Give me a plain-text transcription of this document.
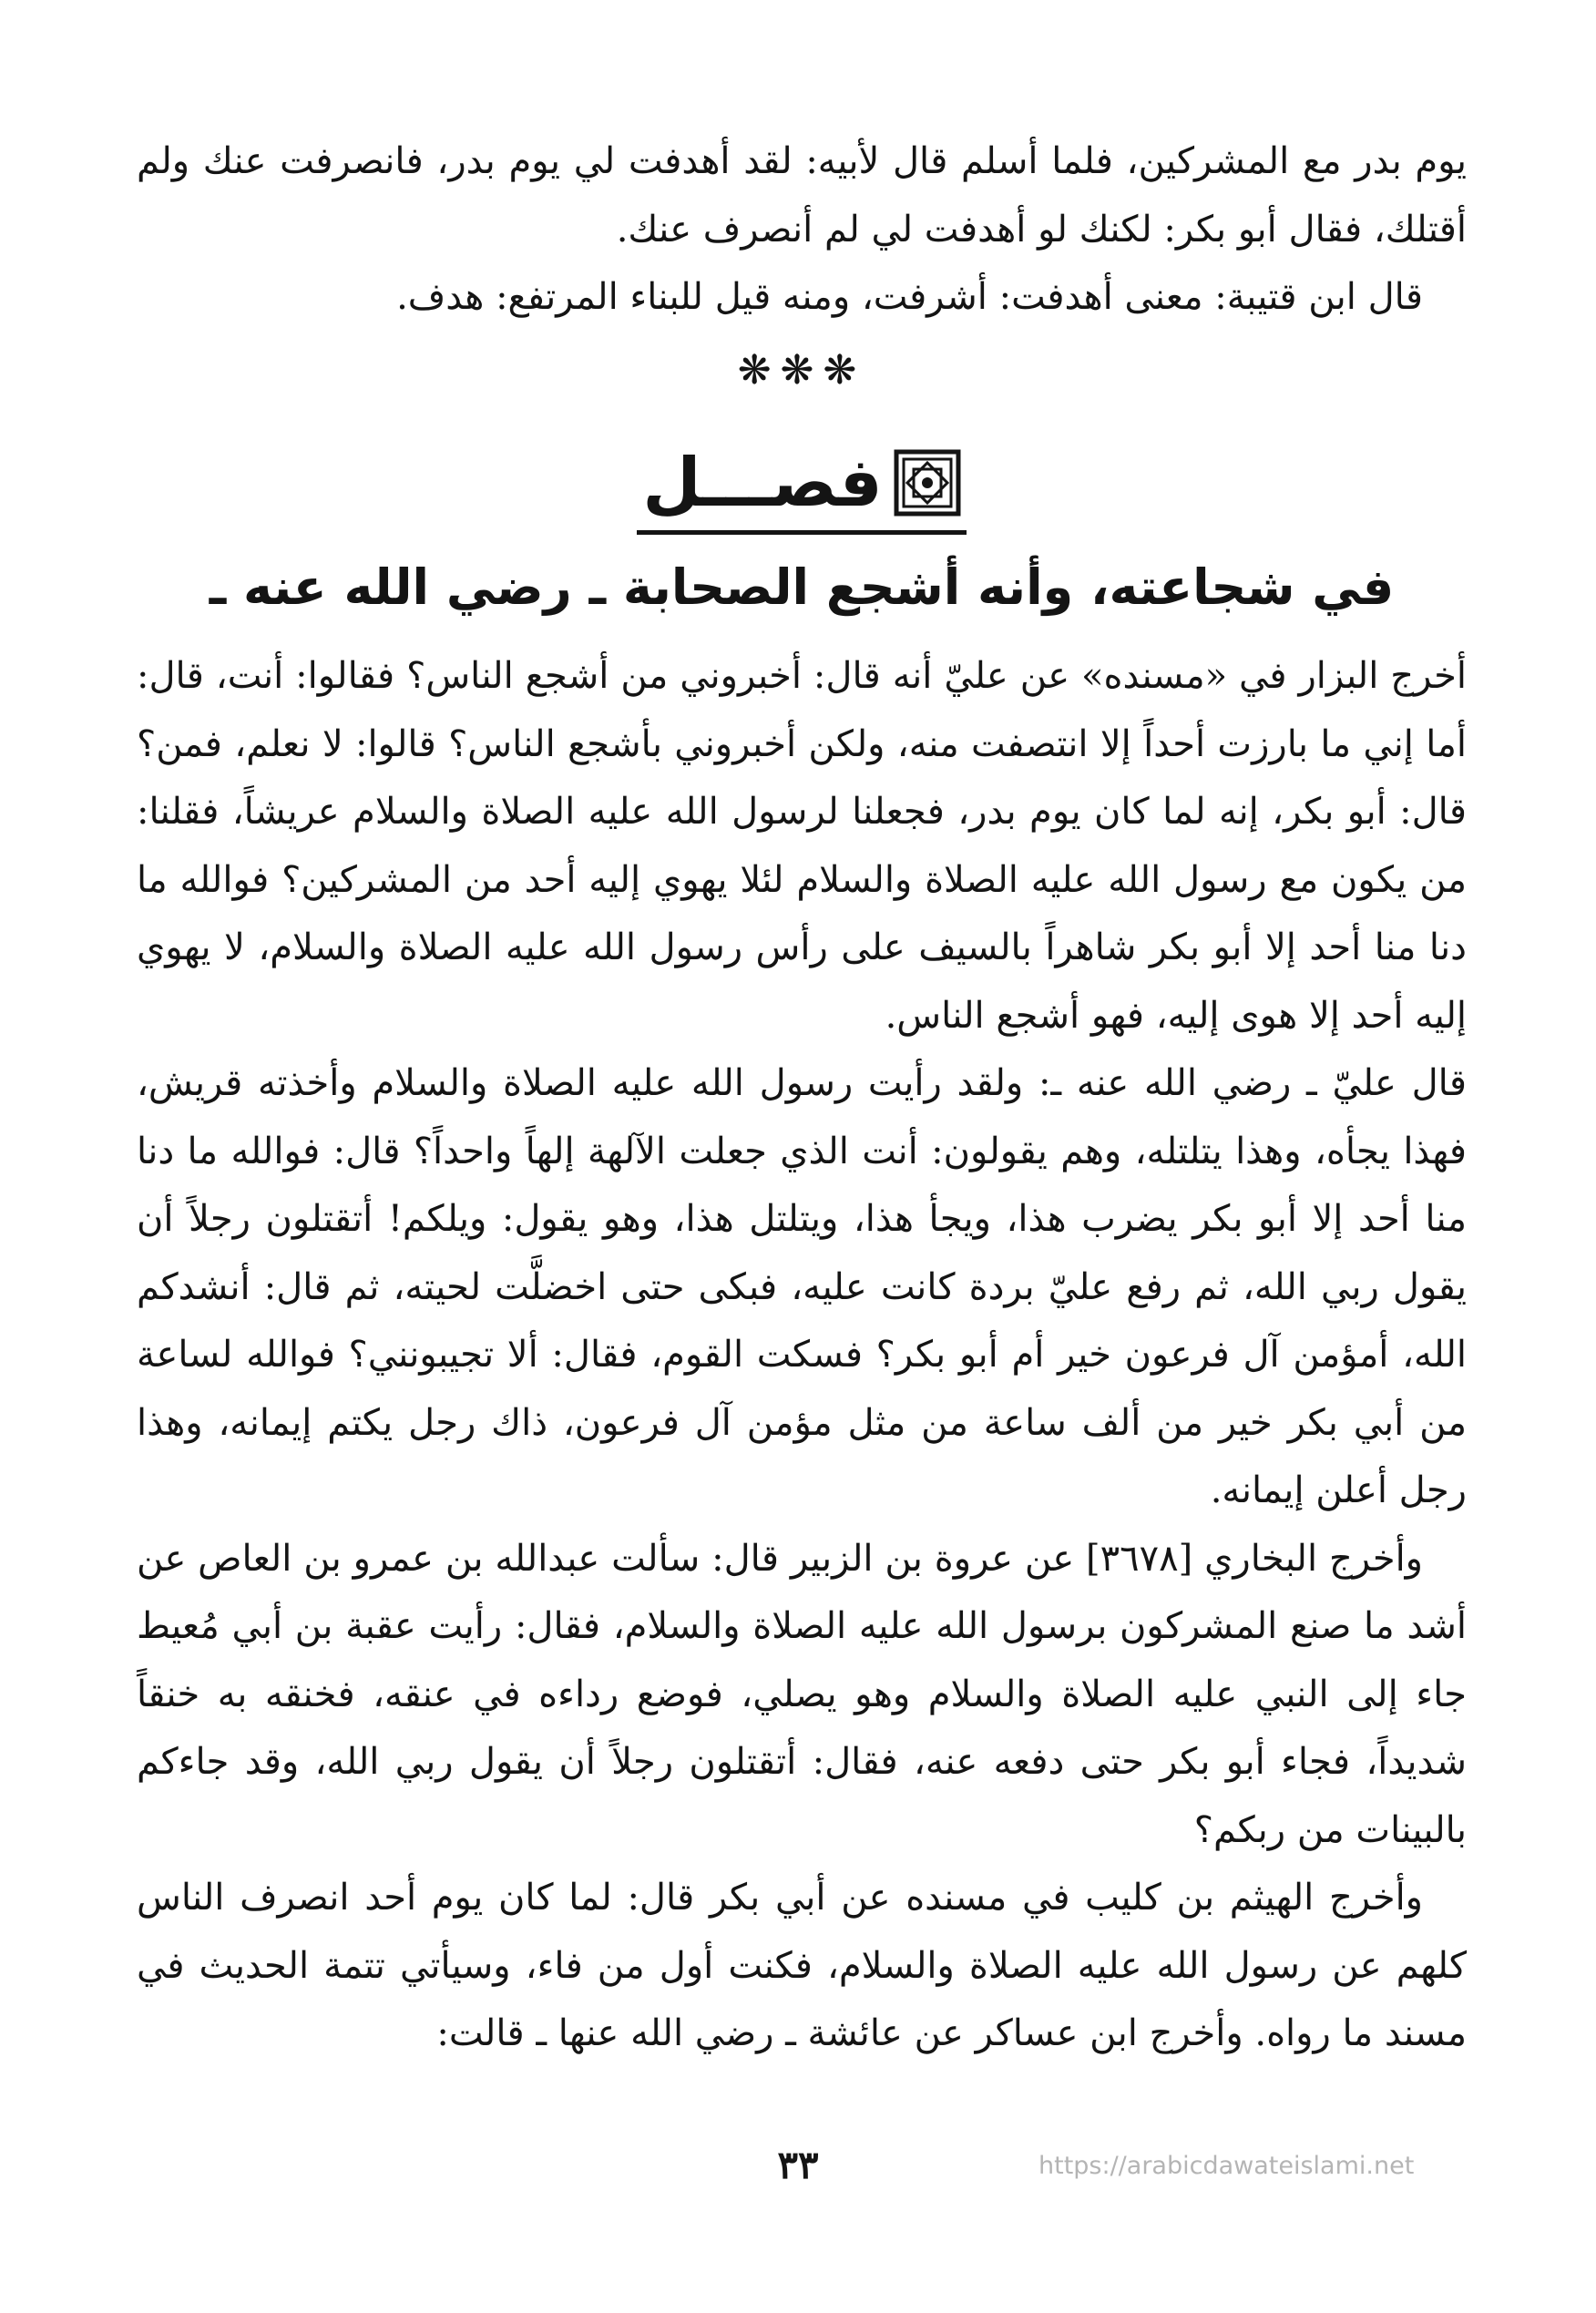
يوم بدر مع المشركين، فلما أسلم قال لأبيه: لقد أهدفت لي يوم بدر، فانصرفت عنك ولم أقتلك، فقال أبو بكر: لكنك لو أهدفت لي لم أنصرف عنك.

قال ابن قتيبة: معنى أهدفت: أشرفت، ومنه قيل للبناء المرتفع: هدف.

❋❋❋
فصـــل
في شجاعته، وأنه أشجع الصحابة ـ رضي الله عنه ـ

أخرج البزار في «مسنده» عن عليّ أنه قال: أخبروني من أشجع الناس؟ فقالوا: أنت، قال: أما إني ما بارزت أحداً إلا انتصفت منه، ولكن أخبروني بأشجع الناس؟ قالوا: لا نعلم، فمن؟ قال: أبو بكر، إنه لما كان يوم بدر، فجعلنا لرسول الله عليه الصلاة والسلام عريشاً، فقلنا: من يكون مع رسول الله عليه الصلاة والسلام لئلا يهوي إليه أحد من المشركين؟ فوالله ما دنا منا أحد إلا أبو بكر شاهراً بالسيف على رأس رسول الله عليه الصلاة والسلام، لا يهوي إليه أحد إلا هوى إليه، فهو أشجع الناس.

قال عليّ ـ رضي الله عنه ـ: ولقد رأيت رسول الله عليه الصلاة والسلام وأخذته قريش، فهذا يجأه، وهذا يتلتله، وهم يقولون: أنت الذي جعلت الآلهة إلهاً واحداً؟ قال: فوالله ما دنا منا أحد إلا أبو بكر يضرب هذا، ويجأ هذا، ويتلتل هذا، وهو يقول: ويلكم! أتقتلون رجلاً أن يقول ربي الله، ثم رفع عليّ بردة كانت عليه، فبكى حتى اخضلَّت لحيته، ثم قال: أنشدكم الله، أمؤمن آل فرعون خير أم أبو بكر؟ فسكت القوم، فقال: ألا تجيبونني؟ فوالله لساعة من أبي بكر خير من ألف ساعة من مثل مؤمن آل فرعون، ذاك رجل يكتم إيمانه، وهذا رجل أعلن إيمانه.

وأخرج البخاري [٣٦٧٨] عن عروة بن الزبير قال: سألت عبدالله بن عمرو بن العاص عن أشد ما صنع المشركون برسول الله عليه الصلاة والسلام، فقال: رأيت عقبة بن أبي مُعيط جاء إلى النبي عليه الصلاة والسلام وهو يصلي، فوضع رداءه في عنقه، فخنقه به خنقاً شديداً، فجاء أبو بكر حتى دفعه عنه، فقال: أتقتلون رجلاً أن يقول ربي الله، وقد جاءكم بالبينات من ربكم؟

وأخرج الهيثم بن كليب في مسنده عن أبي بكر قال: لما كان يوم أحد انصرف الناس كلهم عن رسول الله عليه الصلاة والسلام، فكنت أول من فاء، وسيأتي تتمة الحديث في مسند ما رواه. وأخرج ابن عساكر عن عائشة ـ رضي الله عنها ـ قالت:

٣٣	https://arabicdawateislami.net
